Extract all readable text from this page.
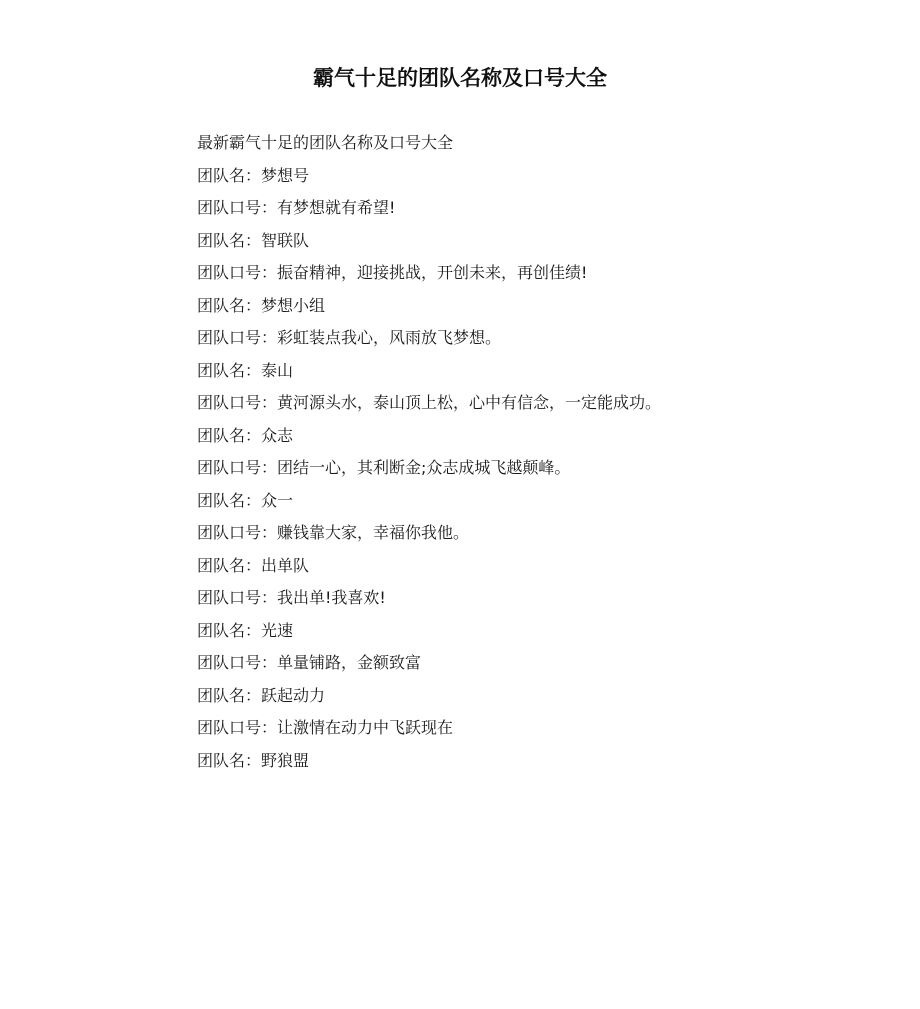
霸气十足的团队名称及口号大全
最新霸气十足的团队名称及口号大全
团队名：梦想号
团队口号：有梦想就有希望!
团队名：智联队
团队口号：振奋精神，迎接挑战，开创未来，再创佳绩!
团队名：梦想小组
团队口号：彩虹装点我心，风雨放飞梦想。
团队名：泰山
团队口号：黄河源头水，泰山顶上松，心中有信念，一定能成功。
团队名：众志
团队口号：团结一心，其利断金;众志成城飞越颠峰。
团队名：众一
团队口号：赚钱靠大家，幸福你我他。
团队名：出单队
团队口号：我出单!我喜欢!
团队名：光速
团队口号：单量铺路，金额致富
团队名：跃起动力
团队口号：让激情在动力中飞跃现在
团队名：野狼盟
